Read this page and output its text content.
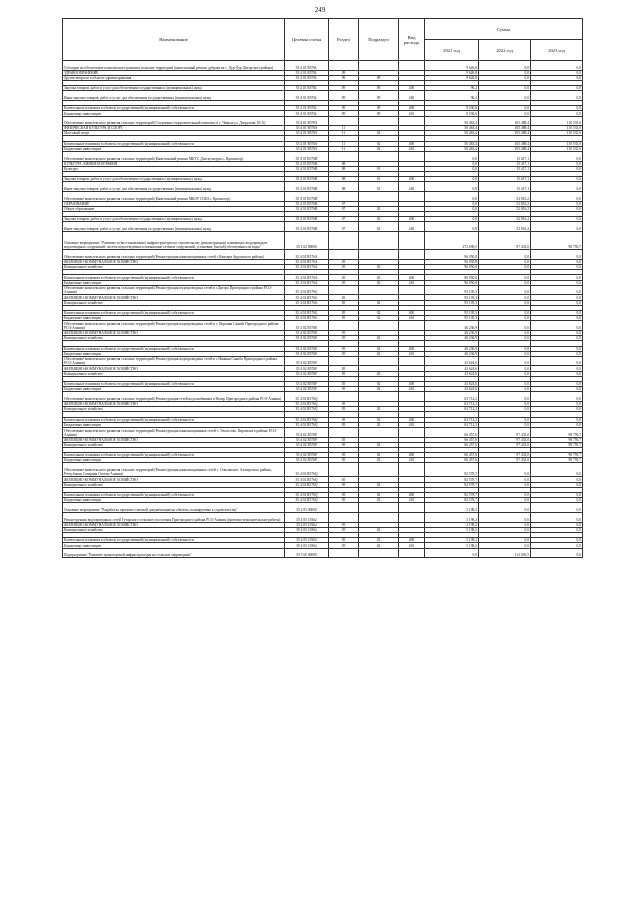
249
Наименование	Целевая статья	Раздел	Подраздел	Вид расхода	Сумма		
					2021 год	2022 год	2023 год
Субсидии на обеспечение комплексного развития сельских территорий (капитальный ремонт дубрава кк с. Дур-Дур Дигорского района)	35 4 01 R576L				9 626,8	0,0	0,0
ЗДРАВООХРАНЕНИЕ	35 4 01 R576L	09			9 626,8	0,0	0,0
Другие вопросы в области здравоохранения	35 4 01 R576L	09	09		9 626,8	0,0	0,0

Закупка товаров, работ и услуг для обеспечения государственных (муниципальных) нужд	35 4 01 R576L	09	09	200	96,2	0,0	0,0
Иные закупки товаров, работ и услуг для обеспечения государственных (муниципальных) нужд	35 4 01 R576L	09	09	240	96,2	0,0	0,0

Капитальные вложения в объекты государственной (муниципальной) собственности	35 4 01 R576L	09	09	400	9 530,6	0,0	0,0
Бюджетные инвестиции	35 4 01 R576L	09	09	410	9 530,6	0,0	0,0
Обеспечение комплексного развития сельских территорий (Спортивно-оздоровительный комплекс в с. Чикола ул. Дзерулова, 85 А)	35 4 01 R576S				50 463,4	105 488,4	110 535,0
ФИЗИЧЕСКАЯ КУЛЬТУРА И СПОРТ	35 4 01 R576S	11			50 463,4	105 488,4	110 535,0
Массовый спорт	35 4 01 R576S	11	02		50 463,4	105 488,4	110 535,0

Капитальные вложения в объекты государственной (муниципальной) собственности	35 4 01 R576S	11	02	400	50 463,4	105 488,4	110 535,0
Бюджетные инвестиции	35 4 01 R576S	11	02	410	50 463,4	105 488,4	110 535,0
Обеспечение комплексного развития сельских территорий (Капитальный ремонт МБУЗ, Дом культуры с. Красногор)	35 4 01 R576B				0,0	15 417,1	0,0
КУЛЬТУРА, КИНЕМАТОГРАФИЯ	35 4 01 R576B	08			0,0	15 417,1	0,0
Культура	35 4 01 R576B	08	01		0,0	15 417,1	0,0

Закупка товаров, работ и услуг для обеспечения государственных (муниципальных) нужд	35 4 01 R576B	08	01	200	0,0	15 417,1	0,0
Иные закупки товаров, работ и услуг для обеспечения государственных (муниципальных) нужд	35 4 01 R576B	08	01	240	0,0	15 417,1	0,0
Обеспечение комплексного развития сельских территорий (Капитальный ремонт МБОУ СОШ с. Красногор)	35 4 01 R576B				0,0	52 816,2	0,0
ОБРАЗОВАНИЕ	35 4 01 R576B	07			0,0	52 816,2	0,0
Общее образование	35 4 01 R576B	07	02		0,0	52 816,2	0,0

Закупка товаров, работ и услуг для обеспечения государственных (муниципальных) нужд	35 4 01 R576B	07	02	200	0,0	52 816,2	0,0
Иные закупки товаров, работ и услуг для обеспечения государственных (муниципальных) нужд	35 4 01 R576B	07	02	240	0,0	52 816,2	0,0
Основное мероприятие "Развитие и (восстановление) инфраструктуры по строительству (реконструкции) плавающих водопроводов, водоотводных сооружений, систем водоотведения и повышение сетевых сооружений, установки, (малой) обеспеченности воды"	35 4 02 00000				272 690,5	97 433,0	98 759,7
Обеспечение комплексного развития сельских территорий (Реконструкция канализационных сетей с Кантари Ардонского района)	35 4 02 R576A				96 050,8	0,0	0,0
ЖИЛИЩНО-КОММУНАЛЬНОЕ ХОЗЯЙСТВО	35 4 02 R576A	05			96 050,8	0,0	0,0
Коммунальное хозяйство	35 4 02 R576A	05	02		96 050,8	0,0	0,0

Капитальные вложения в объекты государственной (муниципальной) собственности	35 4 02 R576A	05	02	400	96 050,8	0,0	0,0
Бюджетные инвестиции	35 4 02 R576A	05	02	410	96 050,8	0,0	0,0
Обеспечение комплексного развития сельских территорий (Реконструкция водопроводных сетей в г.Дигора Пригородного района РСО-Алания)	35 4 02 R576G				95 105,3	0,0	0,0
ЖИЛИЩНО-КОММУНАЛЬНОЕ ХОЗЯЙСТВО	35 4 02 R576G	05			95 105,3	0,0	0,0
Коммунальное хозяйство	35 4 02 R576G	05	02		95 105,3	0,0	0,0

Капитальные вложения в объекты государственной (муниципальной) собственности	35 4 02 R576G	05	02	400	95 105,3	0,0	0,0
Бюджетные инвестиции	35 4 02 R576G	05	02	410	95 105,3	0,0	0,0
Обеспечение комплексного развития сельских территорий (Реконструкция водопроводных сетей в с. Верхняя Саниба Пригородного района РСО-Алания)	35 4 02 R576E				46 236,9	0,0	0,0
ЖИЛИЩНО-КОММУНАЛЬНОЕ ХОЗЯЙСТВО	35 4 02 R576E	05			46 236,9	0,0	0,0
Коммунальное хозяйство	35 4 02 R576E	05	02		46 236,9	0,0	0,0

Капитальные вложения в объекты государственной (муниципальной) собственности	35 4 02 R576E	05	02	400	46 236,9	0,0	0,0
Бюджетные инвестиции	35 4 02 R576E	05	02	410	46 236,9	0,0	0,0
Обеспечение комплексного развития сельских территорий (Реконструкция водопроводных сетей в с.Нижняя Саниба Пригородного района РСО-Алания)	35 4 02 R576F				43 624,6	0,0	0,0
ЖИЛИЩНО-КОММУНАЛЬНОЕ ХОЗЯЙСТВО	35 4 02 R576F	05			43 624,6	0,0	0,0
Коммунальное хозяйство	35 4 02 R576F	05	02		43 624,6	0,0	0,0

Капитальные вложения в объекты государственной (муниципальной) собственности	35 4 02 R576F	05	02	400	43 624,6	0,0	0,0
Бюджетные инвестиции	35 4 02 R576F	05	02	410	43 624,6	0,0	0,0
Обеспечение комплексного развития сельских территорий (Реконструкция сетей водоснабжения в Ногир Пригородного района РСО-Алания)	35 4 02 R576Q				63 712,2	0,0	0,0
ЖИЛИЩНО-КОММУНАЛЬНОЕ ХОЗЯЙСТВО	35 4 02 R576Q	05			63 712,2	0,0	0,0
Коммунальное хозяйство	35 4 02 R576Q	05	02		63 712,2	0,0	0,0

Капитальные вложения в объекты государственной (муниципальной) собственности	35 4 02 R576Q	05	02	400	63 712,2	0,0	0,0
Бюджетные инвестиции	35 4 02 R576Q	05	02	410	63 712,2	0,0	0,0
Обеспечение комплексного развития сельских территорий (Реконструкция канализационных сетей с. Эльхотово, Кировского района, РСО-Алания)	35 4 02 R576P				66 457,6	97 433,0	98 759,7
ЖИЛИЩНО-КОММУНАЛЬНОЕ ХОЗЯЙСТВО	35 4 02 R576P	05			66 457,6	97 433,0	98 759,7
Коммунальное хозяйство	35 4 02 R576P	05	02		66 457,6	97 433,0	98 759,7

Капитальные вложения в объекты государственной (муниципальной) собственности	35 4 02 R576P	05	02	400	66 457,6	97 433,0	98 759,7
Бюджетные инвестиции	35 4 02 R576P	05	02	410	66 457,6	97 433,0	98 759,7
Обеспечение комплексного развития сельских территорий (Реконструкция канализационных сетей с. Ольгинское, Алагирского района, Республики Северная Осетия-Алания)	35 4 02 R576Q				82 578,7	0,0	0,0
ЖИЛИЩНО-КОММУНАЛЬНОЕ ХОЗЯЙСТВО	35 4 02 R576Q	05			82 578,7	0,0	0,0
Коммунальное хозяйство	35 4 02 R576Q	05	02		82 578,7	0,0	0,0

Капитальные вложения в объекты государственной (муниципальной) собственности	35 4 02 R576Q	05	02	400	82 578,7	0,0	0,0
Бюджетные инвестиции	35 4 02 R576Q	05	02	410	82 578,7	0,0	0,0
Основное мероприятие "Разработка проектно-сметной документации на объекты, планируемые к строительству"	35 4 05 00000				3 198,2	0,0	0,0
Реконструкция водопроводных сетей Гутарского сельского поселения Пригородного района РСО-Алания (проектно-изыскательские работы)	35 4 05 10362				3 198,2	0,0	0,0
ЖИЛИЩНО-КОММУНАЛЬНОЕ ХОЗЯЙСТВО	35 4 05 10362	05			3 198,2	0,0	0,0
Коммунальное хозяйство	35 4 05 10362	05	02		3 198,2	0,0	0,0

Капитальные вложения в объекты государственной (муниципальной) собственности	35 4 05 10362	05	02	400	3 198,2	0,0	0,0
Бюджетные инвестиции	35 4 05 10362	05	02	410	3 198,2	0,0	0,0
Подпрограмма "Развитие транспортной инфраструктуры на сельских территориях"	35 5 00 00000				0,0	112 092,5	0,0
